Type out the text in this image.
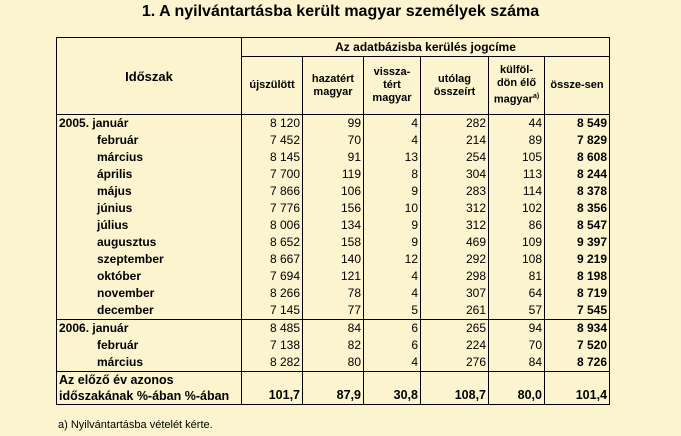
1. A nyilvántartásba került magyar személyek száma
Időszak	Az adatbázisba kerülés jogcíme					
	újszülött	hazatért magyar	vissza-tért magyar	utólag összeírt	külföl-dön élő magyar$^{a)}$	össze-sen
2005. január	8 120	99	4	282	44	8 549
február	7 452	70	4	214	89	7 829
március	8 145	91	13	254	105	8 608
április	7 700	119	8	304	113	8 244
május	7 866	106	9	283	114	8 378
június	7 776	156	10	312	102	8 356
július	8 006	134	9	312	86	8 547
augusztus	8 652	158	9	469	109	9 397
szeptember	8 667	140	12	292	108	9 219
október	7 694	121	4	298	81	8 198
november	8 266	78	4	307	64	8 719
december	7 145	77	5	261	57	7 545
2006. január	8 485	84	6	265	94	8 934
február	7 138	82	6	224	70	7 520
március	8 282	80	4	276	84	8 726

Az előző év azonos
időszakának %-ában %-ában	101,7	87,9	30,8	108,7	80,0	101,4
a) Nyilvántartásba vételét kérte.
